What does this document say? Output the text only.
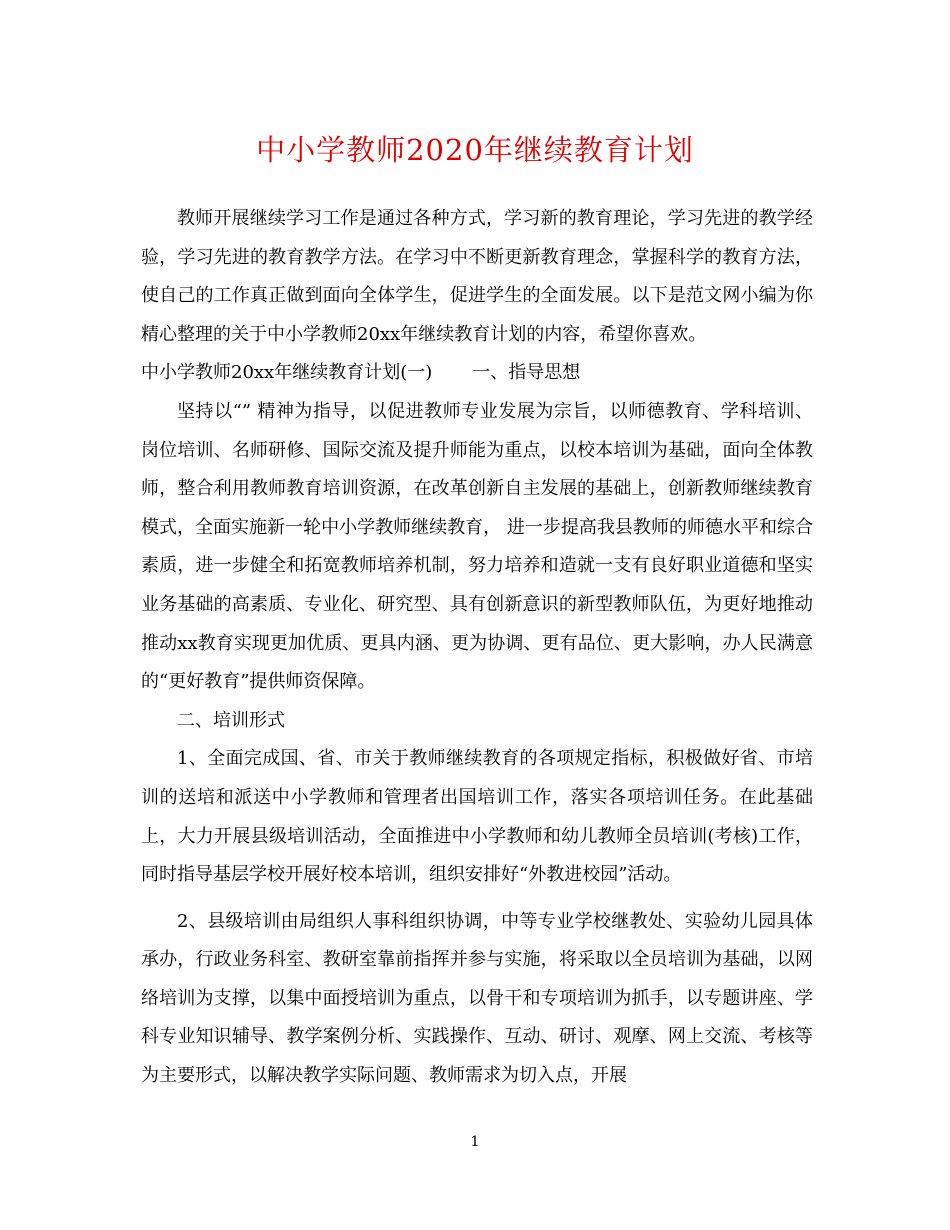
中小学教师2020年继续教育计划

教师开展继续学习工作是通过各种方式，学习新的教育理论，学习先进的教学经验，学习先进的教育教学方法。在学习中不断更新教育理念，掌握科学的教育方法，使自己的工作真正做到面向全体学生，促进学生的全面发展。以下是范文网小编为你精心整理的关于中小学教师20xx年继续教育计划的内容，希望你喜欢。

中小学教师20xx年继续教育计划(一) 一、指导思想

坚持以“” 精神为指导，以促进教师专业发展为宗旨，以师德教育、学科培训、岗位培训、名师研修、国际交流及提升师能为重点，以校本培训为基础，面向全体教师，整合利用教师教育培训资源，在改革创新自主发展的基础上，创新教师继续教育模式，全面实施新一轮中小学教师继续教育， 进一步提高我县教师的师德水平和综合素质，进一步健全和拓宽教师培养机制，努力培养和造就一支有良好职业道德和坚实业务基础的高素质、专业化、研究型、具有创新意识的新型教师队伍，为更好地推动推动xx教育实现更加优质、更具内涵、更为协调、更有品位、更大影响，办人民满意的“更好教育”提供师资保障。

二、培训形式

1、全面完成国、省、市关于教师继续教育的各项规定指标，积极做好省、市培训的送培和派送中小学教师和管理者出国培训工作，落实各项培训任务。在此基础上，大力开展县级培训活动，全面推进中小学教师和幼儿教师全员培训(考核)工作，同时指导基层学校开展好校本培训，组织安排好“外教进校园”活动。

2、县级培训由局组织人事科组织协调，中等专业学校继教处、实验幼儿园具体承办，行政业务科室、教研室靠前指挥并参与实施，将采取以全员培训为基础，以网络培训为支撑，以集中面授培训为重点，以骨干和专项培训为抓手，以专题讲座、学科专业知识辅导、教学案例分析、实践操作、互动、研讨、观摩、网上交流、考核等为主要形式，以解决教学实际问题、教师需求为切入点，开展

1
